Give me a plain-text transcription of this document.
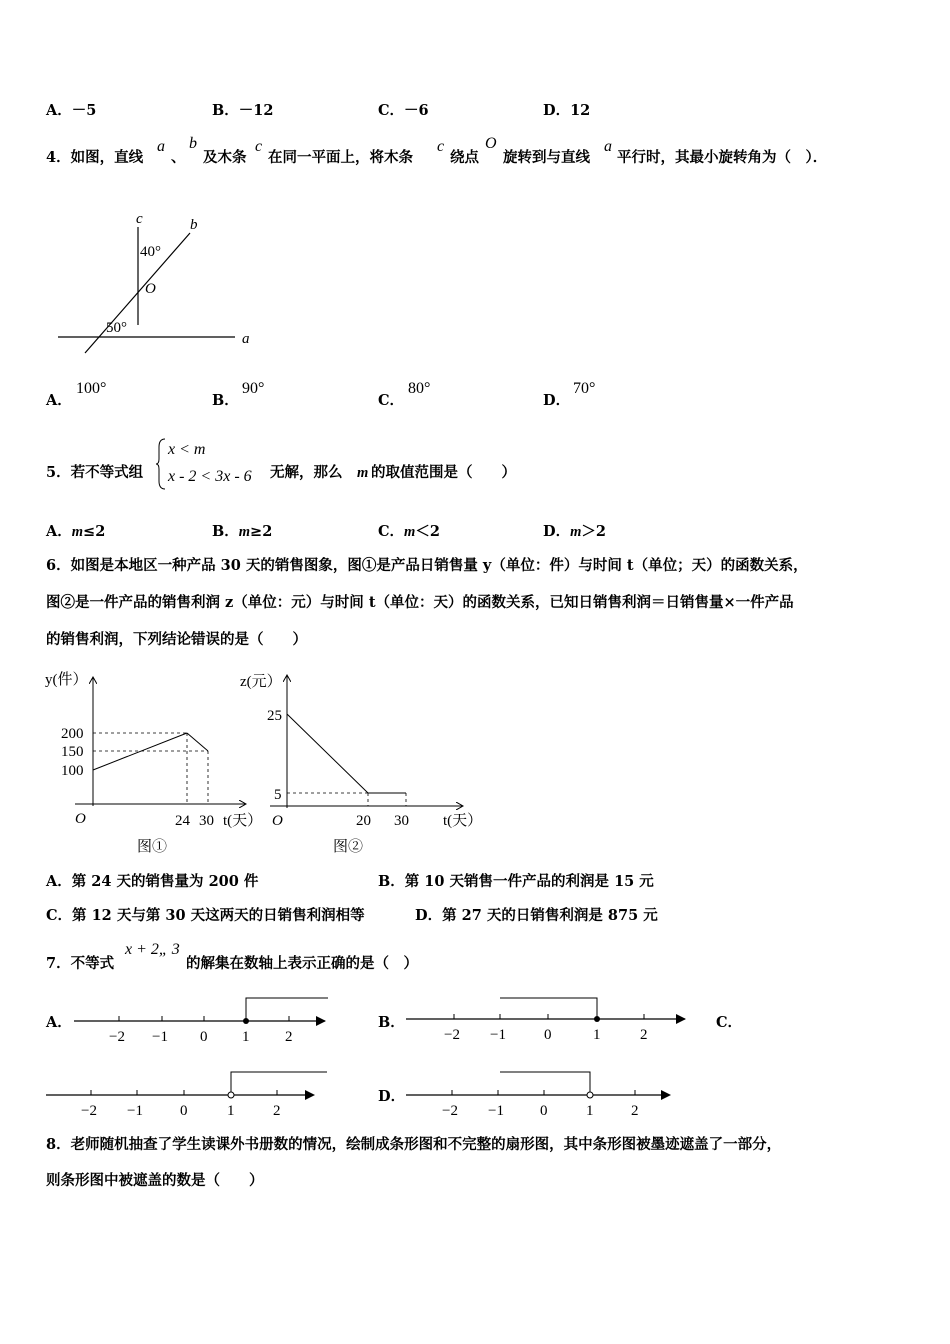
A．－5	B．－12	C．－6	D．12
4．如图，直线
a
、
b
及木条
c
在同一平面上，将木条
c
绕点
O
旋转到与直线
a
平行时，其最小旋转角为（　）．
c	b
40°
O
50°
a
A．
100°
B．
90°
C．
80°
D．
70°
5．若不等式组
x < m
x - 2 < 3x - 6 无解，那么 m 的取值范围是（　　）
A．m≤2	B．m≥2	C．m＜2	D．m＞2
6．如图是本地区一种产品 30 天的销售图象，图①是产品日销售量 y（单位：件）与时间 t（单位；天）的函数关系，
图②是一件产品的销售利润 z（单位：元）与时间 t（单位：天）的函数关系，已知日销售利润＝日销售量×一件产品
的销售利润，下列结论错误的是（　　）
y(件）
200
150
100
O	24 30 t(天）
图①
z(元）
25
5
O	20 30 t(天）
图②
A．第 24 天的销售量为 200 件	B．第 10 天销售一件产品的利润是 15 元
C．第 12 天与第 30 天这两天的日销售利润相等	D．第 27 天的日销售利润是 875 元
7．不等式
x + 2„ 3
的解集在数轴上表示正确的是（　）
A．
−2 −1 0 1 2
B．
−2 −1	0	1	2
C．
−2 −1 0	1	2
D．
−2 −1 0	1	2
8．老师随机抽查了学生读课外书册数的情况，绘制成条形图和不完整的扇形图，其中条形图被墨迹遮盖了一部分，
则条形图中被遮盖的数是（　　）
